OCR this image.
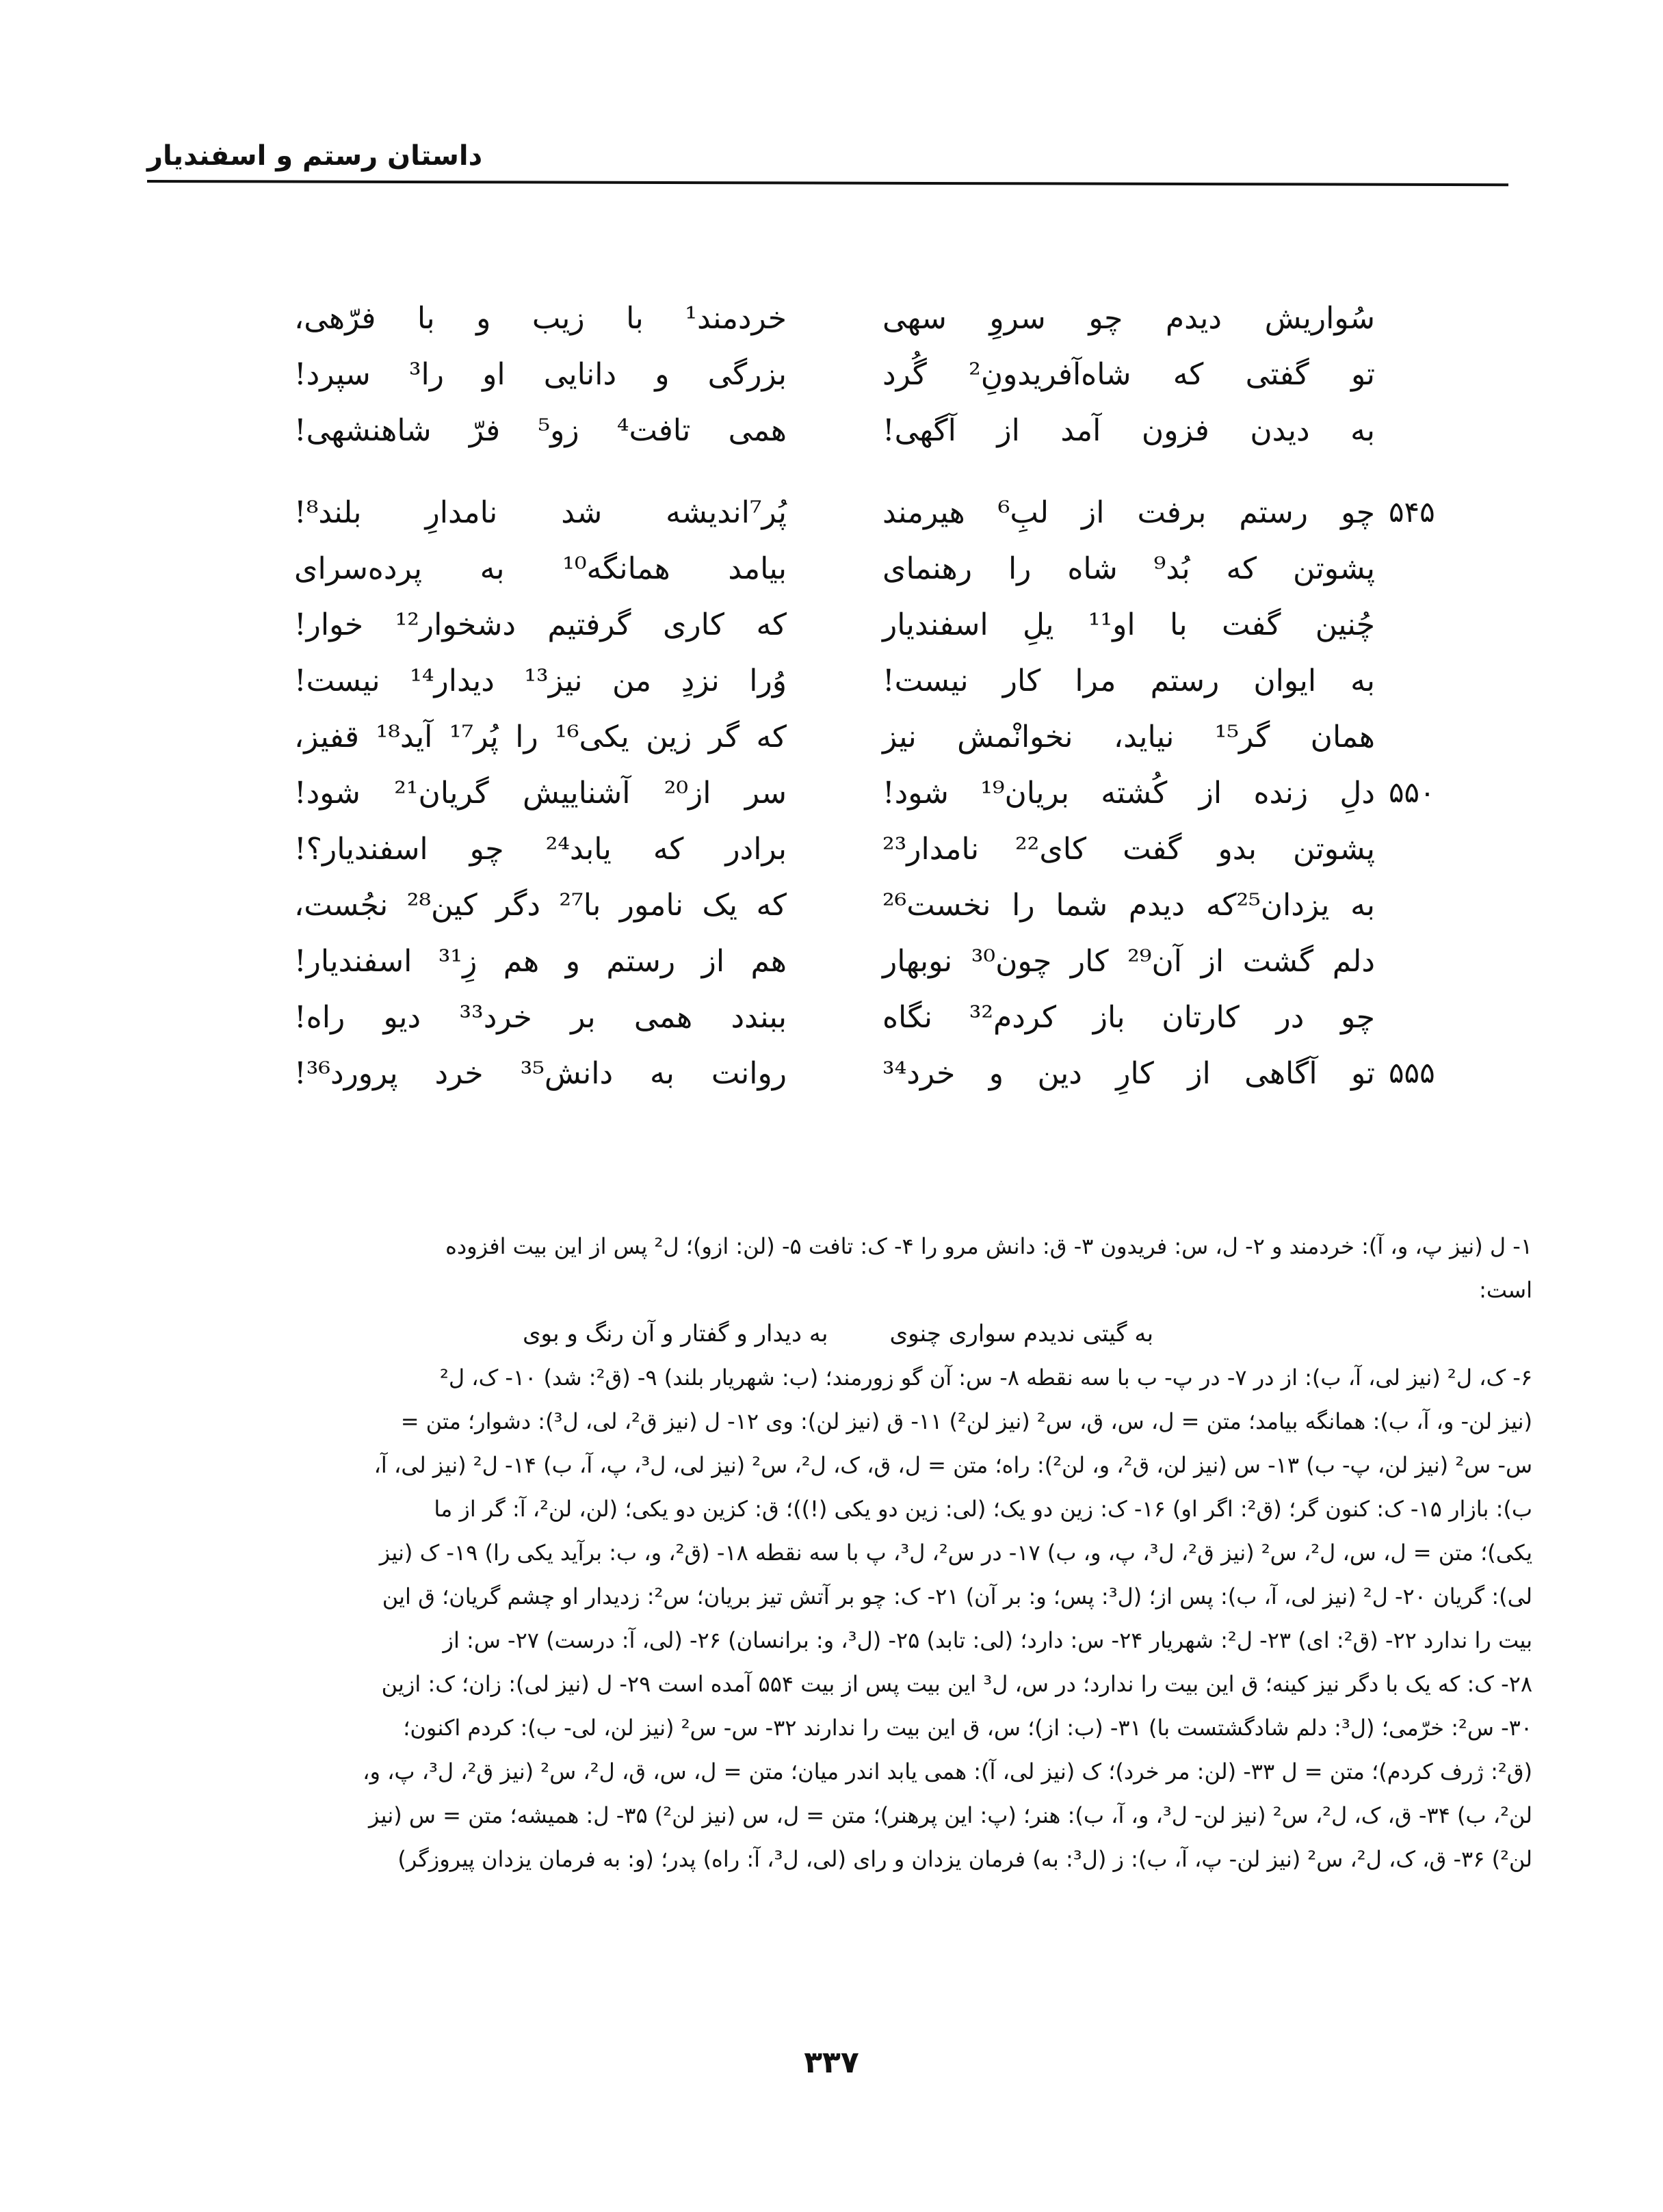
داستان رستم و اسفندیار
سُواریش دیدم چو سروِ سهی
خردمند¹ با زیب و با فرّهی،
تو گفتی که شاه‌آفریدونِ² گُرد
بزرگی و دانایی او را³ سپرد!
به دیدن فزون آمد از آگهی!
همی تافت⁴ زو⁵ فرّ شاهنشهی!
۵۴۵
چو رستم برفت از لبِ⁶ هیرمند
پُر⁷اندیشه شد نامدارِ بلند⁸!
پشوتن که بُد⁹ شاه را رهنمای
بیامد همانگه¹⁰ به پرده‌سرای
چُنین گفت با او¹¹ یلِ اسفندیار
که کاری گرفتیم دشخوار¹² خوار!
به ایوان رستم مرا کار نیست!
وُرا نزدِ من نیز¹³ دیدار¹⁴ نیست!
همان گر¹⁵ نیاید، نخوانْمش نیز
که گر زین یکی¹⁶ را پُر¹⁷ آید¹⁸ قفیز،
۵۵۰
دلِ زنده از کُشته بریان¹⁹ شود!
سر از²⁰ آشناییش گریان²¹ شود!
پشوتن بدو گفت کای²² نامدار²³
برادر که یابد²⁴ چو اسفندیار؟!
به یزدان²⁵که دیدم شما را نخست²⁶
که یک نامور با²⁷ دگر کین²⁸ نجُست،
دلم گشت از آن²⁹ کار چون³⁰ نوبهار
هم از رستم و هم زِ³¹ اسفندیار!
چو در کارتان باز کردم³² نگاه
ببندد همی بر خرد³³ دیو راه!
۵۵۵
تو آگاهی از کارِ دین و خرد³⁴
روانت به دانش³⁵ خرد پرورد³⁶!
۱- ل (نیز پ، و، آ): خردمند و ۲- ل، س: فریدون ۳- ق: دانش مرو را ۴- ک: تافت ۵- (لن: ازو)؛ ل² پس از این بیت افزوده
است:
به گیتی ندیدم سواری چنوی
به دیدار و گفتار و آن رنگ و بوی
۶- ک، ل² (نیز لی، آ، ب): از در ۷- در پ- ب با سه نقطه ۸- س: آن گو زورمند؛ (ب: شهریار بلند) ۹- (ق²: شد) ۱۰- ک، ل²
(نیز لن- و، آ، ب): همانگه بیامد؛ متن = ل، س، ق، س² (نیز لن²) ۱۱- ق (نیز لن): وی ۱۲- ل (نیز ق²، لی، ل³): دشوار؛ متن =
س- س² (نیز لن، پ- ب) ۱۳- س (نیز لن، ق²، و، لن²): راه؛ متن = ل، ق، ک، ل²، س² (نیز لی، ل³، پ، آ، ب) ۱۴- ل² (نیز لی، آ،
ب): بازار ۱۵- ک: کنون گر؛ (ق²: اگر او) ۱۶- ک: زین دو یک؛ (لی: زین دو یکی (!))؛ ق: کزین دو یکی؛ (لن، لن²، آ: گر از ما
یکی)؛ متن = ل، س، ل²، س² (نیز ق²، ل³، پ، و، ب) ۱۷- در س²، ل³، پ با سه نقطه ۱۸- (ق²، و، ب: برآید یکی را) ۱۹- ک (نیز
لی): گریان ۲۰- ل² (نیز لی، آ، ب): پس از؛ (ل³: پس؛ و: بر آن) ۲۱- ک: چو بر آتش تیز بریان؛ س²: زدیدار او چشم گریان؛ ق این
بیت را ندارد ۲۲- (ق²: ای) ۲۳- ل²: شهریار ۲۴- س: دارد؛ (لی: تابد) ۲۵- (ل³، و: برانسان) ۲۶- (لی، آ: درست) ۲۷- س: از
۲۸- ک: که یک با دگر نیز کینه؛ ق این بیت را ندارد؛ در س، ل³ این بیت پس از بیت ۵۵۴ آمده است ۲۹- ل (نیز لی): زان؛ ک: ازین
۳۰- س²: خرّمی؛ (ل³: دلم شادگشتست با) ۳۱- (ب: از)؛ س، ق این بیت را ندارند ۳۲- س- س² (نیز لن، لی- ب): کردم اکنون؛
(ق²: ژرف کردم)؛ متن = ل ۳۳- (لن: مر خرد)؛ ک (نیز لی، آ): همی یابد اندر میان؛ متن = ل، س، ق، ل²، س² (نیز ق²، ل³، پ، و،
لن²، ب) ۳۴- ق، ک، ل²، س² (نیز لن- ل³، و، آ، ب): هنر؛ (پ: این پرهنر)؛ متن = ل، س (نیز لن²) ۳۵- ل: همیشه؛ متن = س (نیز
لن²) ۳۶- ق، ک، ل²، س² (نیز لن- پ، آ، ب): ز (ل³: به) فرمان یزدان و رای (لی، ل³، آ: راه) پدر؛ (و: به فرمان یزدان پیروزگر)
۳۳۷
